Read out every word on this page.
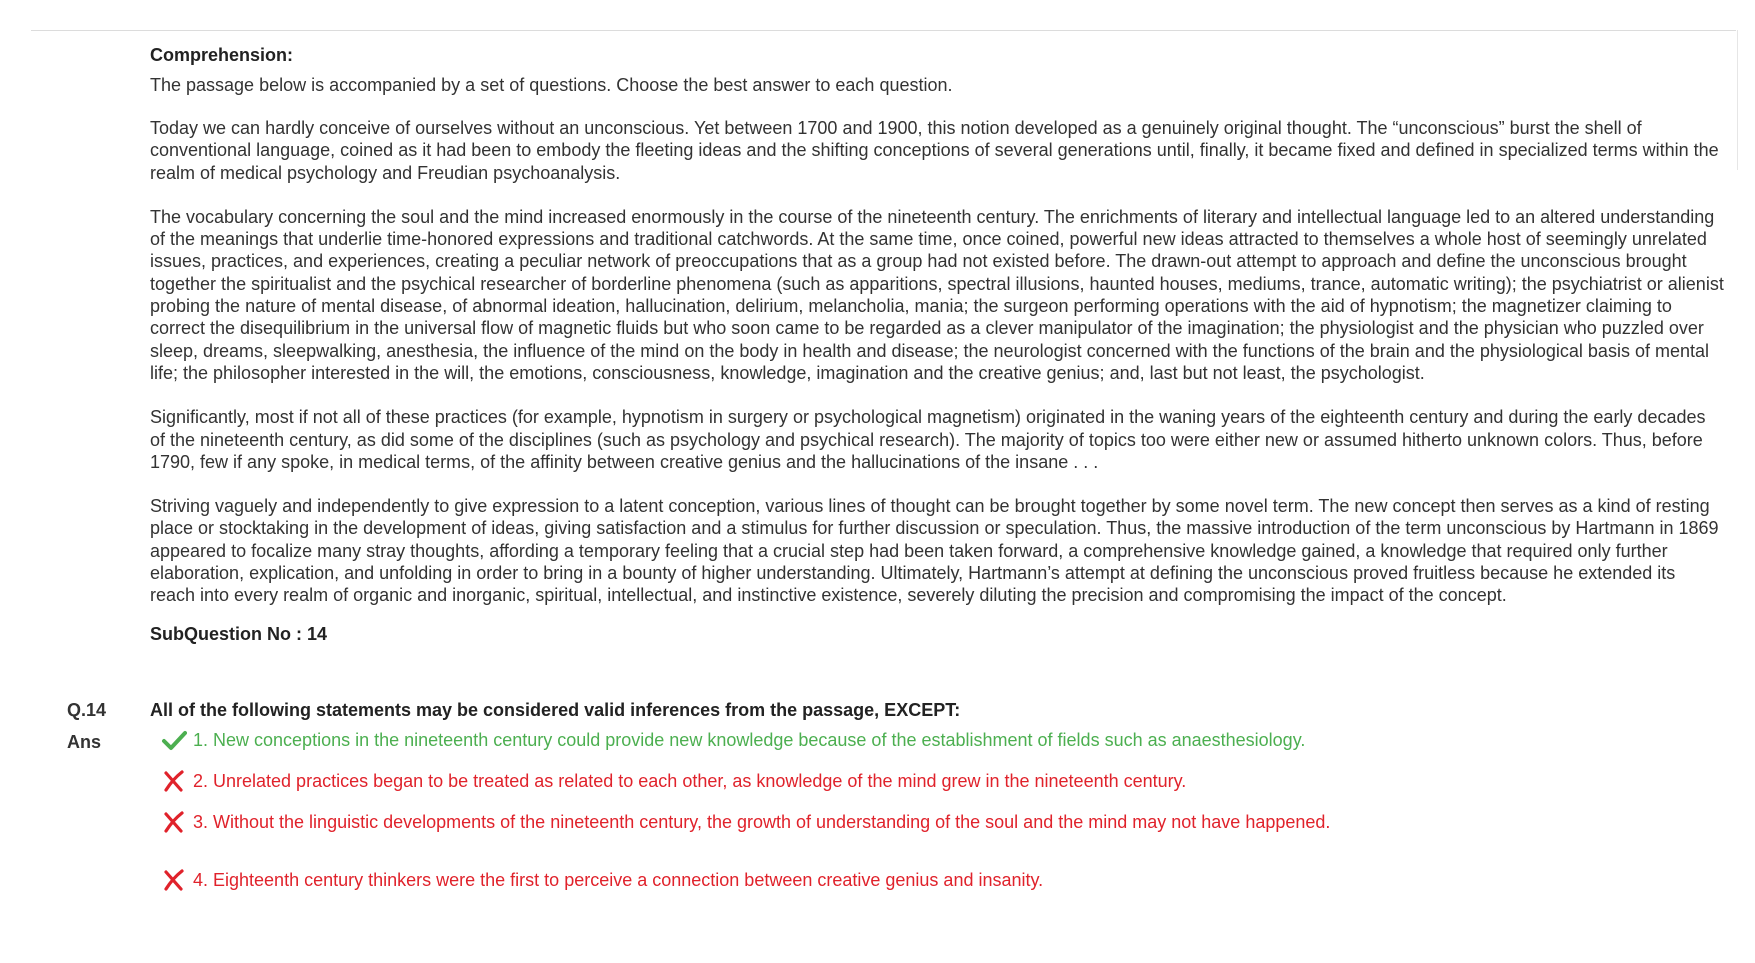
Comprehension:
The passage below is accompanied by a set of questions. Choose the best answer to each question.

Today we can hardly conceive of ourselves without an unconscious. Yet between 1700 and 1900, this notion developed as a genuinely original thought. The “unconscious” burst the shell of conventional language, coined as it had been to embody the fleeting ideas and the shifting conceptions of several generations until, finally, it became fixed and defined in specialized terms within the realm of medical psychology and Freudian psychoanalysis.

The vocabulary concerning the soul and the mind increased enormously in the course of the nineteenth century. The enrichments of literary and intellectual language led to an altered understanding of the meanings that underlie time-honored expressions and traditional catchwords. At the same time, once coined, powerful new ideas attracted to themselves a whole host of seemingly unrelated issues, practices, and experiences, creating a peculiar network of preoccupations that as a group had not existed before. The drawn-out attempt to approach and define the unconscious brought together the spiritualist and the psychical researcher of borderline phenomena (such as apparitions, spectral illusions, haunted houses, mediums, trance, automatic writing); the psychiatrist or alienist probing the nature of mental disease, of abnormal ideation, hallucination, delirium, melancholia, mania; the surgeon performing operations with the aid of hypnotism; the magnetizer claiming to correct the disequilibrium in the universal flow of magnetic fluids but who soon came to be regarded as a clever manipulator of the imagination; the physiologist and the physician who puzzled over sleep, dreams, sleepwalking, anesthesia, the influence of the mind on the body in health and disease; the neurologist concerned with the functions of the brain and the physiological basis of mental life; the philosopher interested in the will, the emotions, consciousness, knowledge, imagination and the creative genius; and, last but not least, the psychologist.

Significantly, most if not all of these practices (for example, hypnotism in surgery or psychological magnetism) originated in the waning years of the eighteenth century and during the early decades of the nineteenth century, as did some of the disciplines (such as psychology and psychical research). The majority of topics too were either new or assumed hitherto unknown colors. Thus, before 1790, few if any spoke, in medical terms, of the affinity between creative genius and the hallucinations of the insane . . .

Striving vaguely and independently to give expression to a latent conception, various lines of thought can be brought together by some novel term. The new concept then serves as a kind of resting place or stocktaking in the development of ideas, giving satisfaction and a stimulus for further discussion or speculation. Thus, the massive introduction of the term unconscious by Hartmann in 1869 appeared to focalize many stray thoughts, affording a temporary feeling that a crucial step had been taken forward, a comprehensive knowledge gained, a knowledge that required only further elaboration, explication, and unfolding in order to bring in a bounty of higher understanding. Ultimately, Hartmann’s attempt at defining the unconscious proved fruitless because he extended its reach into every realm of organic and inorganic, spiritual, intellectual, and instinctive existence, severely diluting the precision and compromising the impact of the concept.

SubQuestion No : 14
Q.14 All of the following statements may be considered valid inferences from the passage, EXCEPT:
Ans	1. New conceptions in the nineteenth century could provide new knowledge because of the establishment of fields such as anaesthesiology.
2. Unrelated practices began to be treated as related to each other, as knowledge of the mind grew in the nineteenth century.
3. Without the linguistic developments of the nineteenth century, the growth of understanding of the soul and the mind may not have happened.
4. Eighteenth century thinkers were the first to perceive a connection between creative genius and insanity.
